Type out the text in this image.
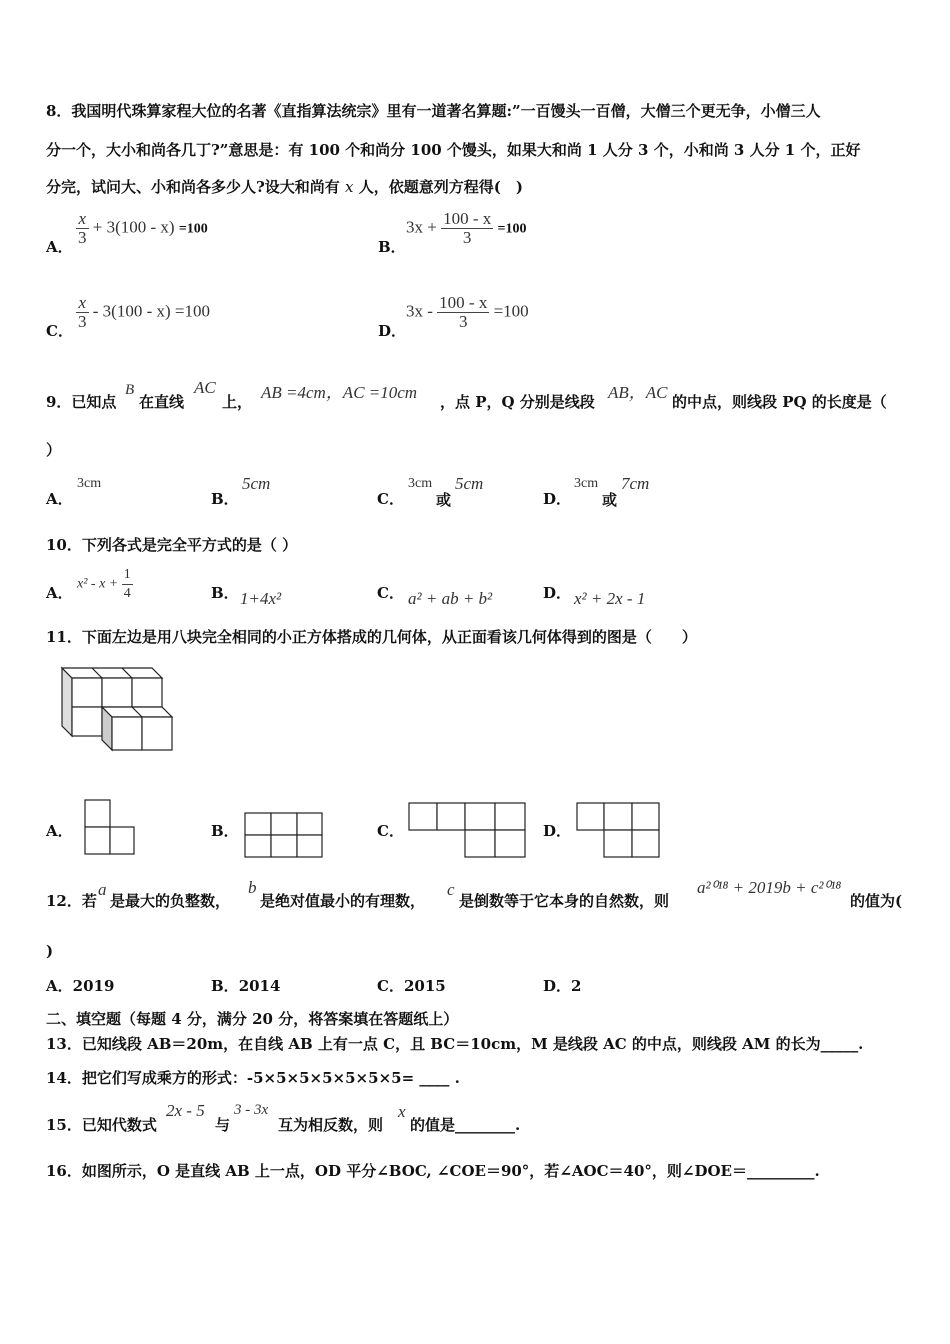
8．我国明代珠算家程大位的名著《直指算法统宗》里有一道著名算题:”一百馒头一百僧，大僧三个更无争，小僧三人
分一个，大小和尚各几丁?”意思是：有 100 个和尚分 100 个馒头，如果大和尚 1 人分 3 个，小和尚 3 人分 1 个，正好
分完，试问大、小和尚各多少人?设大和尚有 x 人，依题意列方程得(　)
A． $\frac{x}{3} + 3(100 - x) =100$
B．
$3x + \frac{100 - x}{3} =100$
C． $\frac{x}{3} - 3(100 - x) =100$
D．
$3x - \frac{100 - x}{3} =100$
9．已知点
B
在直线
AC
上， AB =4cm，AC =10cm ，点 P，Q 分别是线段 AB，AC 的中点，则线段 PQ 的长度是（
）
A．
3cm
B．
5cm
C．
3cm
或
5cm
D．
3cm
或
7cm
10．下列各式是完全平方式的是（ ）
A． $x^2 - x + \frac{1}{4}$	B． 1+4x²	C． a² + ab + b²	D． x² + 2x - 1
11．下面左边是用八块完全相同的小正方体搭成的几何体，从正面看该几何体得到的图是（　　）
A．	B．	C．	D．
12．若
a
是最大的负整数，
b
是绝对值最小的有理数，
c
是倒数等于它本身的自然数，则
a²⁰¹⁸ + 2019b + c²⁰¹⁸
的值为(
)
A．2019	B．2014	C．2015	D．2
二、填空题（每题 4 分，满分 20 分，将答案填在答题纸上）
13．已知线段 AB＝20m，在自线 AB 上有一点 C，且 BC＝10cm，M 是线段 AC 的中点，则线段 AM 的长为_____.
14．把它们写成乘方的形式：-5×5×5×5×5×5×5= ____ .
15．已知代数式
2x - 5
与
3 - 3x
互为相反数，则
x
的值是________.
16．如图所示，O 是直线 AB 上一点，OD 平分∠BOC, ∠COE＝90°，若∠AOC＝40°，则∠DOE＝_________.
